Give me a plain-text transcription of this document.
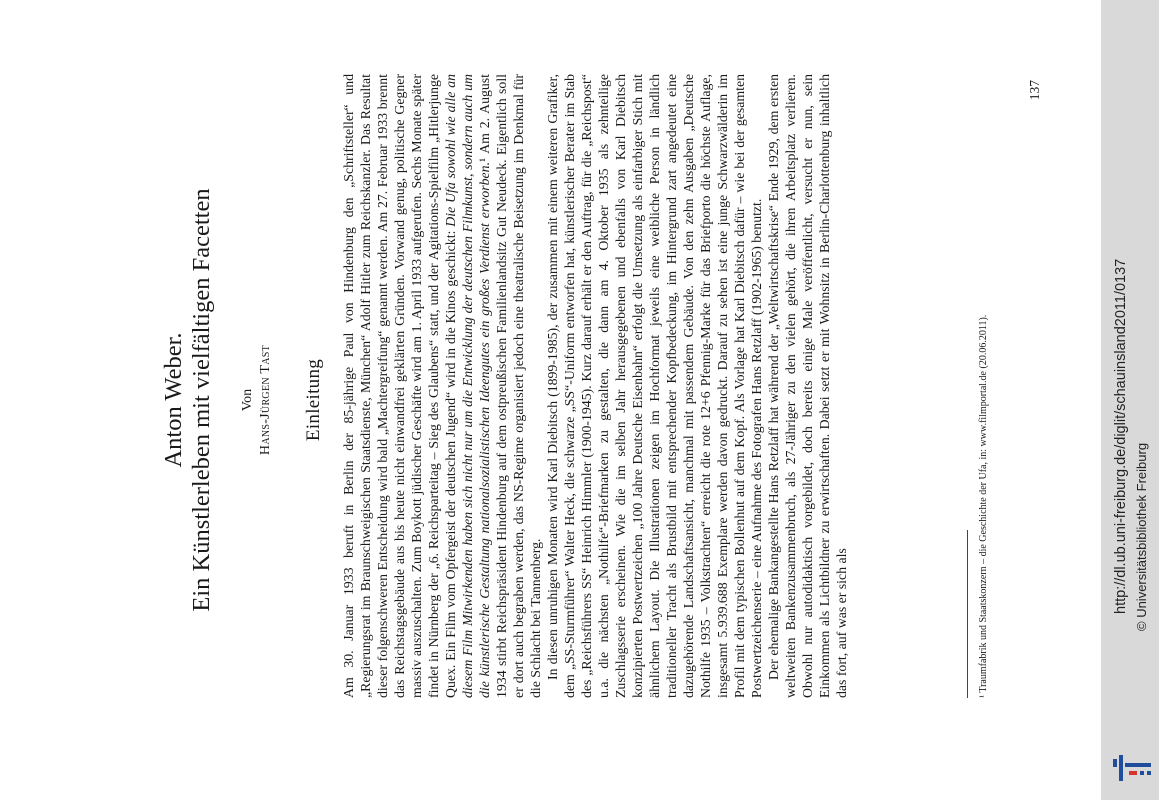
Anton Weber. Ein Künstlerleben mit vielfältigen Facetten Von Hans-Jürgen Tast Einleitung Am 30. Januar 1933 beruft in Berlin der 85-jährige Paul von Hindenburg den „Schriftsteller“ und „Regierungsrat im Braunschweigischen Staatsdienste, München“ Adolf Hitler zum Reichskanzler. Das Resultat dieser folgenschweren Entscheidung wird bald „Machtergreifung“ genannt werden. Am 27. Februar 1933 brennt das Reichstagsgebäude aus bis heute nicht einwandfrei geklärten Gründen. Vorwand genug, politische Gegner massiv auszuschalten. Zum Boykott jüdischer Geschäfte wird am 1. April 1933 aufgerufen. Sechs Monate später findet in Nürnberg der „6. Reichsparteitag – Sieg des Glaubens“ statt, und der Agitations-Spielfilm „Hitlerjunge Quex. Ein Film vom Opfergeist der deutschen Jugend“ wird in die Kinos geschickt: Die Ufa sowohl wie alle an diesem Film Mitwirkenden haben sich nicht nur um die Entwicklung der deutschen Filmkunst, sondern auch um die künstlerische Gestaltung nationalsozialistischen Ideengutes ein großes Verdienst erworben.¹ Am 2. August 1934 stirbt Reichspräsident Hindenburg auf dem ostpreußischen Familienlandsitz Gut Neudeck. Eigentlich soll er dort auch begraben werden, das NS-Regime organisiert jedoch eine theatralische Beisetzung im Denkmal für die Schlacht bei Tannenberg. In diesen unruhigen Monaten wird Karl Diebitsch (1899-1985), der zusammen mit einem weiteren Grafiker, dem „SS-Sturmführer“ Walter Heck, die schwarze „SS“-Uniform entworfen hat, künstlerischer Berater im Stab des „Reichsführers SS“ Heinrich Himmler (1900-1945). Kurz darauf erhält er den Auftrag, für die „Reichspost“ u.a. die nächsten „Nothilfe“-Briefmarken zu gestalten, die dann am 4. Oktober 1935 als zehnteilige Zuschlagsserie erscheinen. Wie die im selben Jahr herausgegebenen und ebenfalls von Karl Diebitsch konzipierten Postwertzeichen „100 Jahre Deutsche Eisenbahn“ erfolgt die Umsetzung als einfarbiger Stich mit ähnlichem Layout. Die Illustrationen zeigen im Hochformat jeweils eine weibliche Person in ländlich traditioneller Tracht als Brustbild mit entsprechender Kopfbedeckung, im Hintergrund zart angedeutet eine dazugehörende Landschaftsansicht, manchmal mit passendem Gebäude. Von den zehn Ausgaben „Deutsche Nothilfe 1935 – Volkstrachten“ erreicht die rote 12+6 Pfennig-Marke für das Briefporto die höchste Auflage, insgesamt 5.939.688 Exemplare werden davon gedruckt. Darauf zu sehen ist eine junge Schwarzwälderin im Profil mit dem typischen Bollenhut auf dem Kopf. Als Vorlage hat Karl Diebitsch dafür – wie bei der gesamten Postwertzeichenserie – eine Aufnahme des Fotografen Hans Retzlaff (1902-1965) benutzt. Der ehemalige Bankangestellte Hans Retzlaff hat während der „Weltwirtschaftskrise“ Ende 1929, dem ersten weltweiten Bankenzusammenbruch, als 27-Jähriger zu den vielen gehört, die ihren Arbeitsplatz verlieren. Obwohl nur autodidaktisch vorgebildet, doch bereits einige Male veröffentlicht, versucht er nun, sein Einkommen als Lichtbildner zu erwirtschaften. Dabei setzt er mit Wohnsitz in Berlin-Charlottenburg inhaltlich das fort, auf was er sich als	¹ Traumfabrik und Staatskonzern – die Geschichte der Ufa, in: www.filmportal.de (20.06.2011).
137
http://dl.ub.uni-freiburg.de/diglit/schauinsland2011/0137 © Universitätsbibliothek Freiburg
